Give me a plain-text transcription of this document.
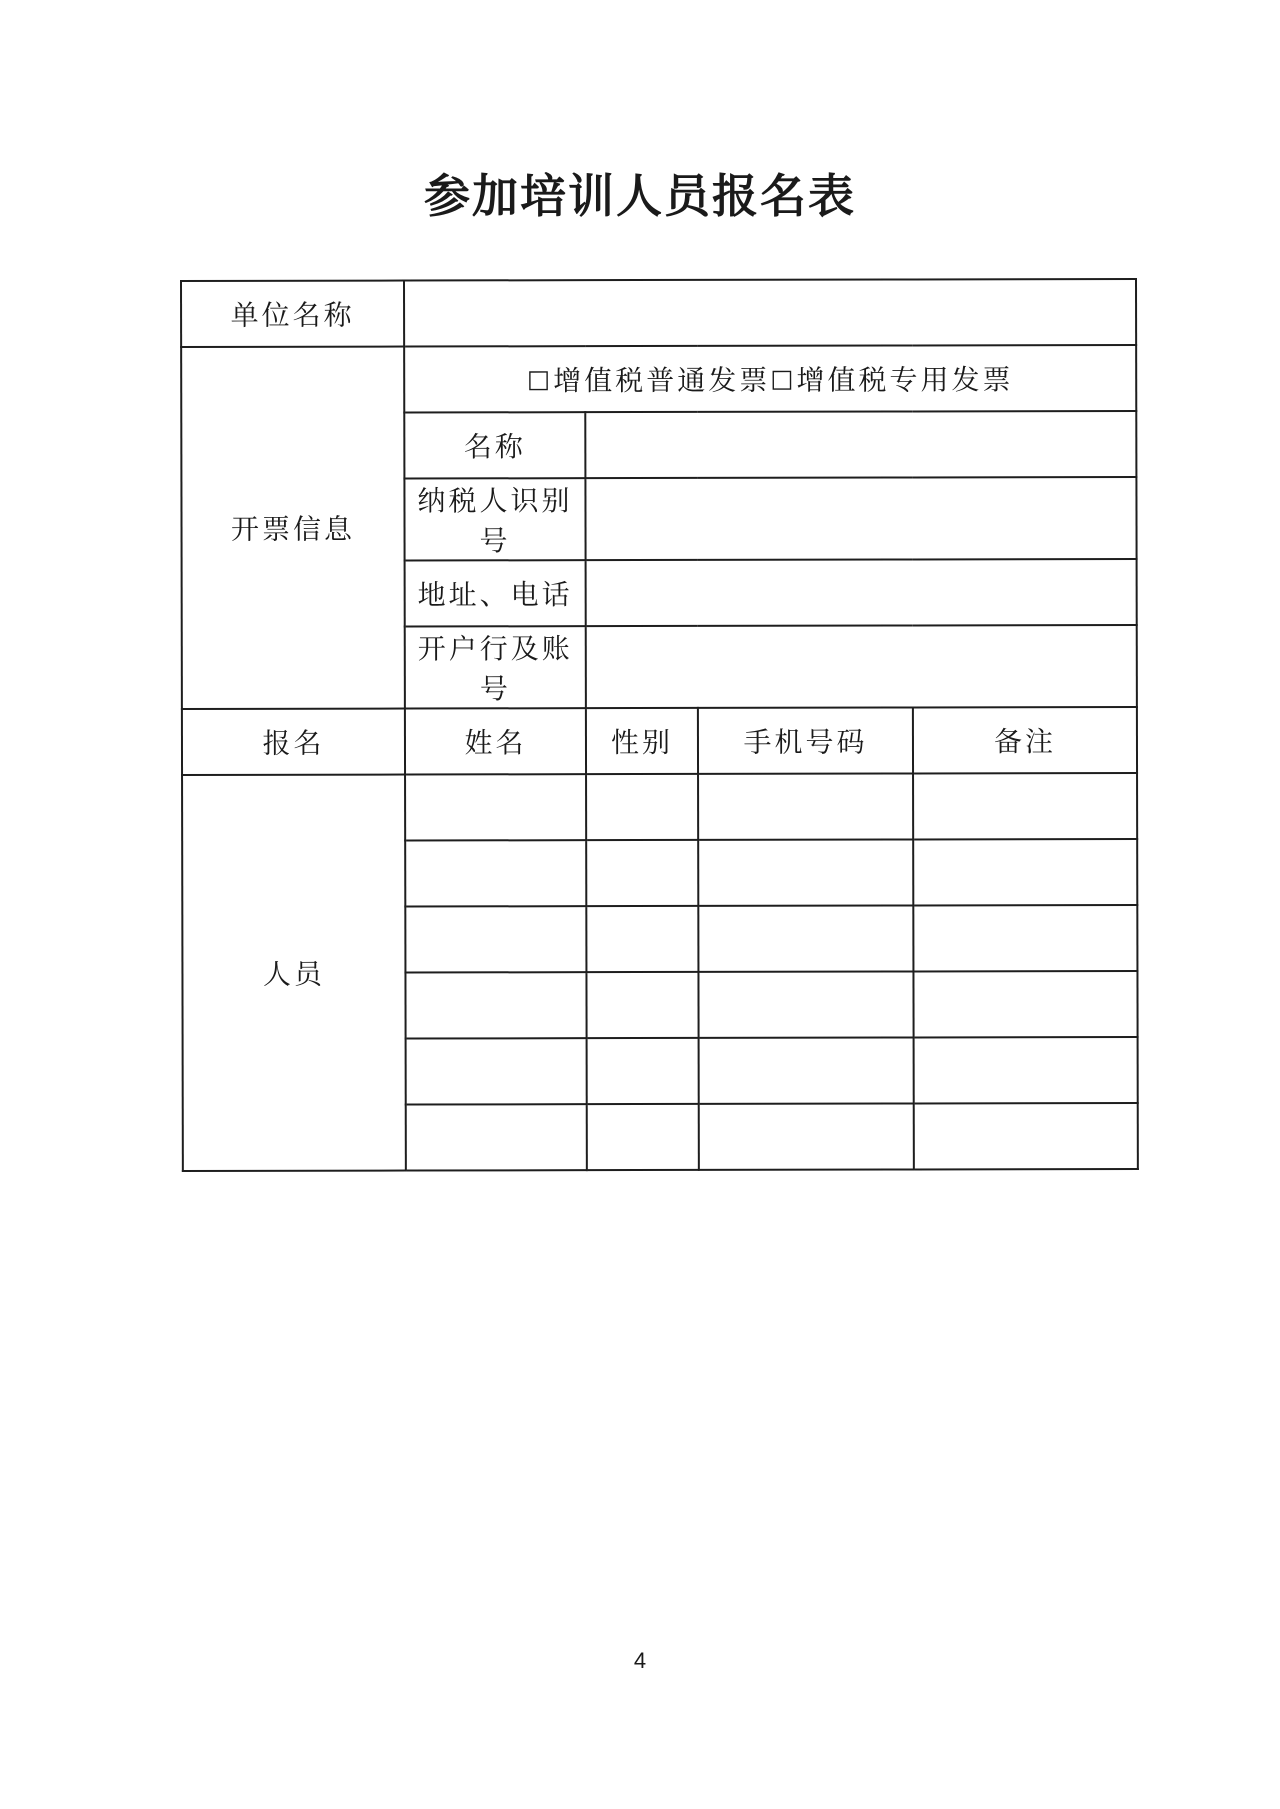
参加培训人员报名表
单位名称				
开票信息	☐增值税普通发票☐增值税专用发票			
	名称			
	纳税人识别号			
	地址、电话			
	开户行及账号			
报名	姓名	性别	手机号码	备注
人员				

4
